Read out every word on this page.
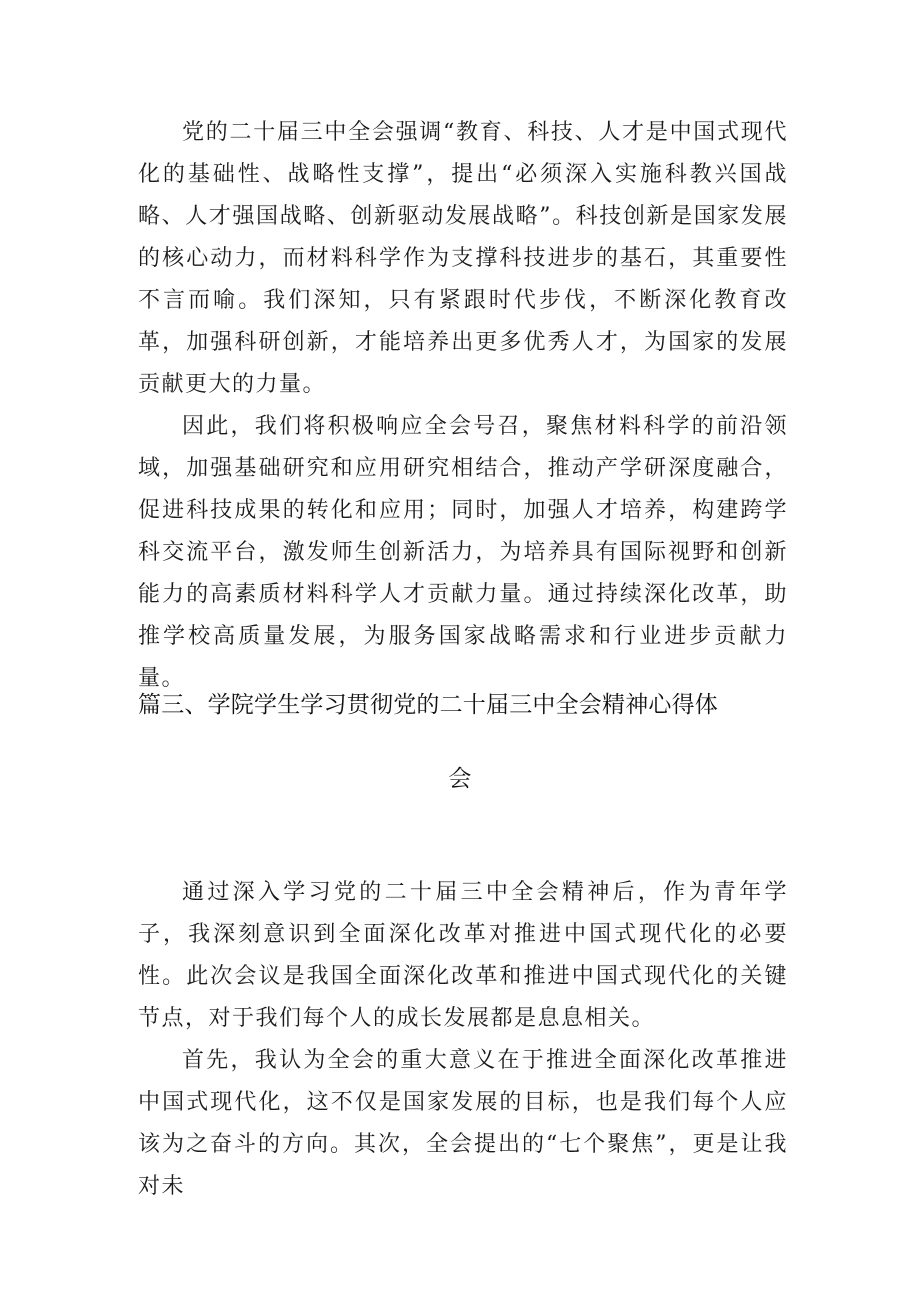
党的二十届三中全会强调“教育、科技、人才是中国式现代化的基础性、战略性支撑”，提出“必须深入实施科教兴国战略、人才强国战略、创新驱动发展战略”。科技创新是国家发展的核心动力，而材料科学作为支撑科技进步的基石，其重要性不言而喻。我们深知，只有紧跟时代步伐，不断深化教育改革，加强科研创新，才能培养出更多优秀人才，为国家的发展贡献更大的力量。

因此，我们将积极响应全会号召，聚焦材料科学的前沿领域，加强基础研究和应用研究相结合，推动产学研深度融合，促进科技成果的转化和应用；同时，加强人才培养，构建跨学科交流平台，激发师生创新活力，为培养具有国际视野和创新能力的高素质材料科学人才贡献力量。通过持续深化改革，助推学校高质量发展，为服务国家战略需求和行业进步贡献力量。

篇三、学院学生学习贯彻党的二十届三中全会精神心得体
会

通过深入学习党的二十届三中全会精神后，作为青年学子，我深刻意识到全面深化改革对推进中国式现代化的必要性。此次会议是我国全面深化改革和推进中国式现代化的关键节点，对于我们每个人的成长发展都是息息相关。

首先，我认为全会的重大意义在于推进全面深化改革推进中国式现代化，这不仅是国家发展的目标，也是我们每个人应该为之奋斗的方向。其次，全会提出的“七个聚焦”，更是让我对未
